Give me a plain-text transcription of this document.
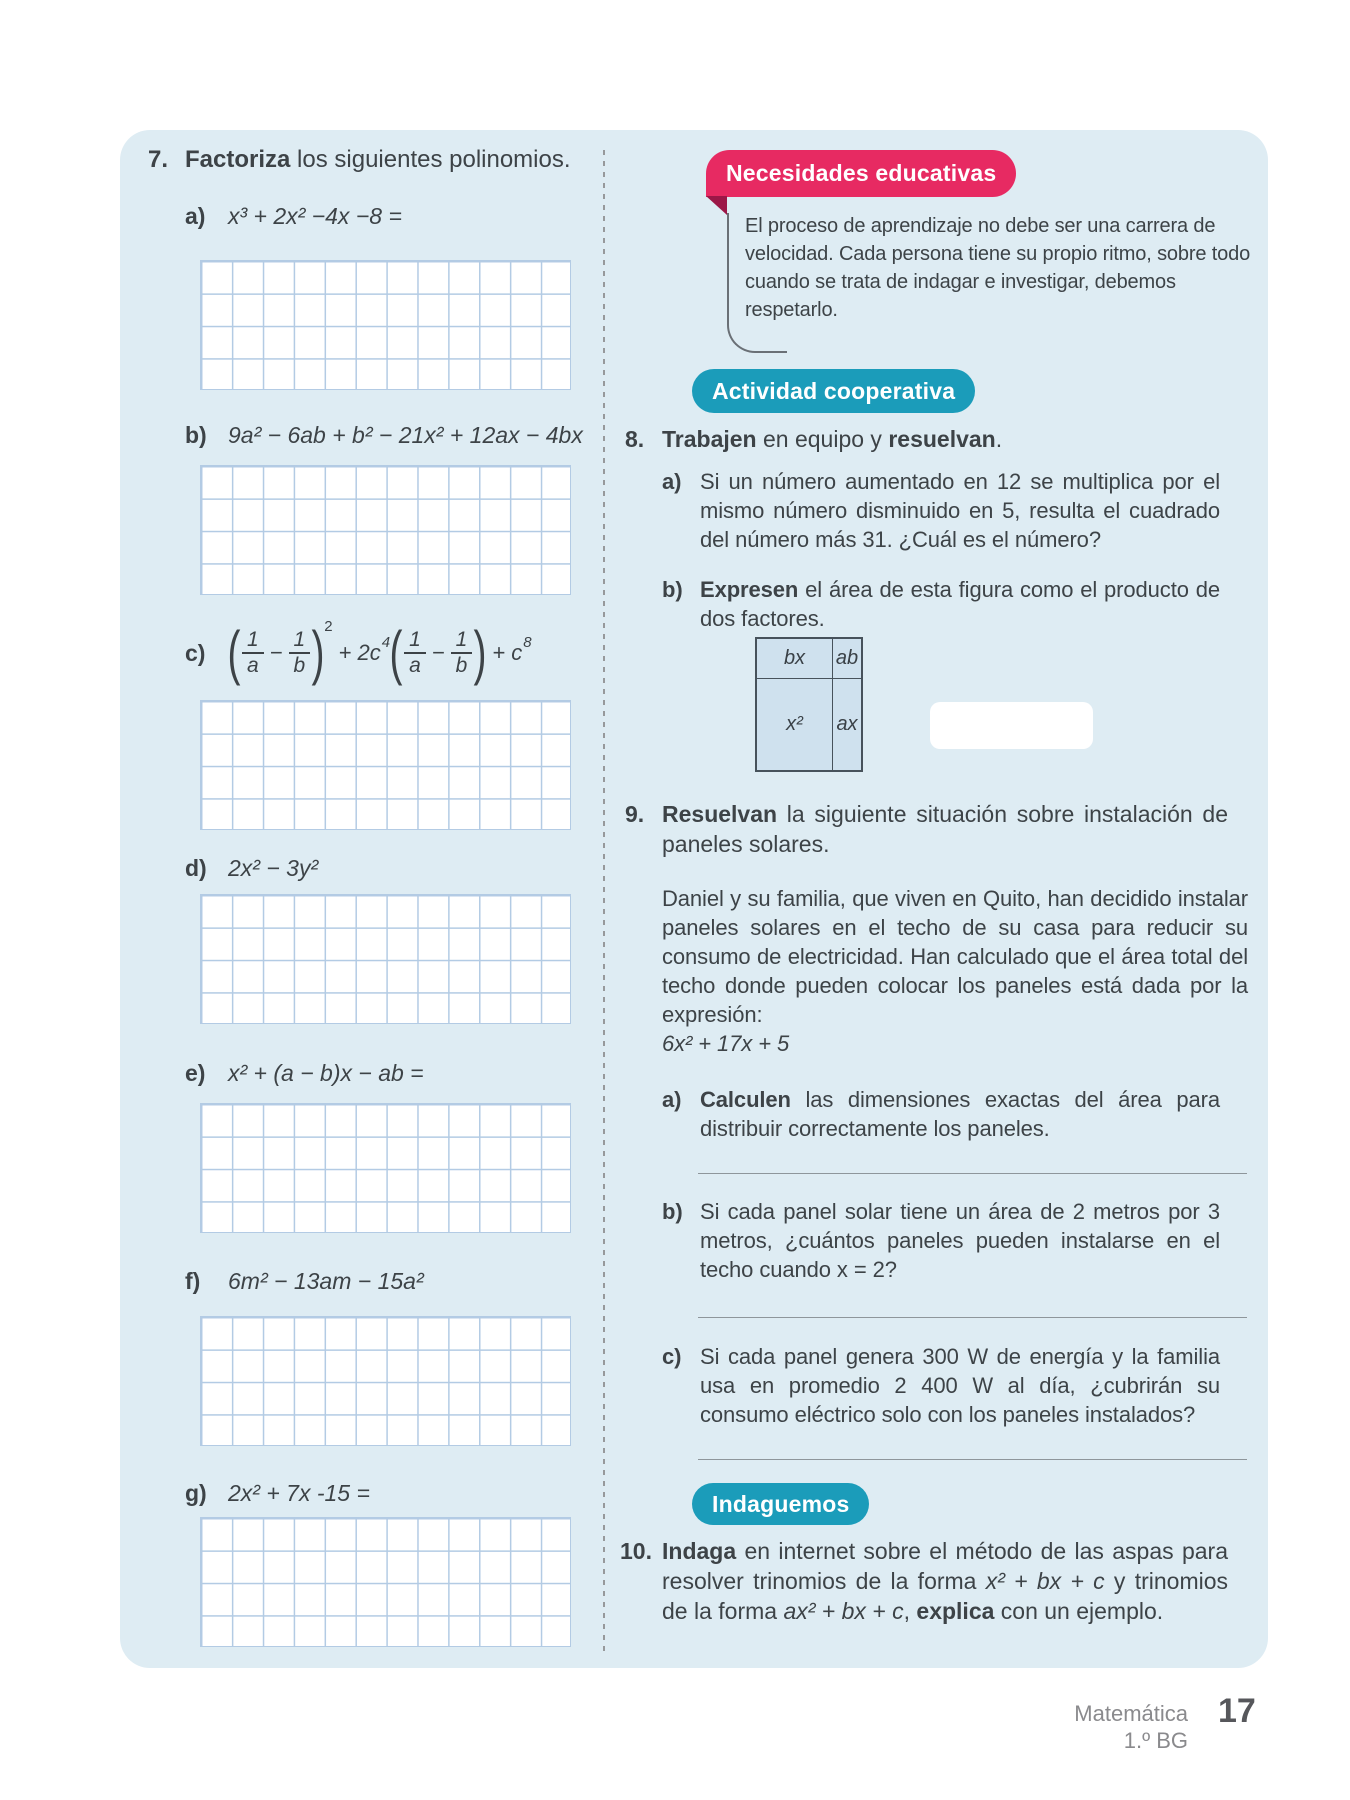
7. Factoriza los siguientes polinomios.
a) x³ + 2x² −4x −8 =
b) 9a² − 6ab + b² − 21x² + 12ax − 4bx
c) ( $\frac{1}{a} - \frac{1}{b} )^2$
+ $2c^4$ ( $\frac{1}{a} - \frac{1}{b}$ ) + $c^8$
d) 2x² − 3y²
e) x² + (a − b)x − ab =
f)	6m² − 13am − 15a²
g) 2x² + 7x -15 =
Necesidades educativas
El proceso de aprendizaje no debe ser una carrera de velocidad. Cada persona tiene su propio ritmo, sobre todo cuando se trata de indagar e investigar, debemos respetarlo.
Actividad cooperativa
8. Trabajen en equipo y resuelvan.
a) Si un número aumentado en 12 se multiplica por el mismo número disminuido en 5, resulta el cuadrado del número más 31. ¿Cuál es el número?
b) Expresen el área de esta figura como el producto de dos factores.
bx	ab
x²	ax
9. Resuelvan la siguiente situación sobre instalación de paneles solares.
Daniel y su familia, que viven en Quito, han decidido instalar paneles solares en el techo de su casa para reducir su consumo de electricidad. Han calculado que el área total del techo donde pueden colocar los paneles está dada por la expresión:
6x² + 17x + 5
a) Calculen las dimensiones exactas del área para distribuir correctamente los paneles.
b) Si cada panel solar tiene un área de 2 metros por 3 metros, ¿cuántos paneles pueden instalarse en el techo cuando x = 2?
c) Si cada panel genera 300 W de energía y la familia usa en promedio 2 400 W al día, ¿cubrirán su consumo eléctrico solo con los paneles instalados?
Indaguemos
10. Indaga en internet sobre el método de las aspas para resolver trinomios de la forma x² + bx + c y trinomios de la forma ax² + bx + c, explica con un ejemplo.
Matemática
1.º BG
17
